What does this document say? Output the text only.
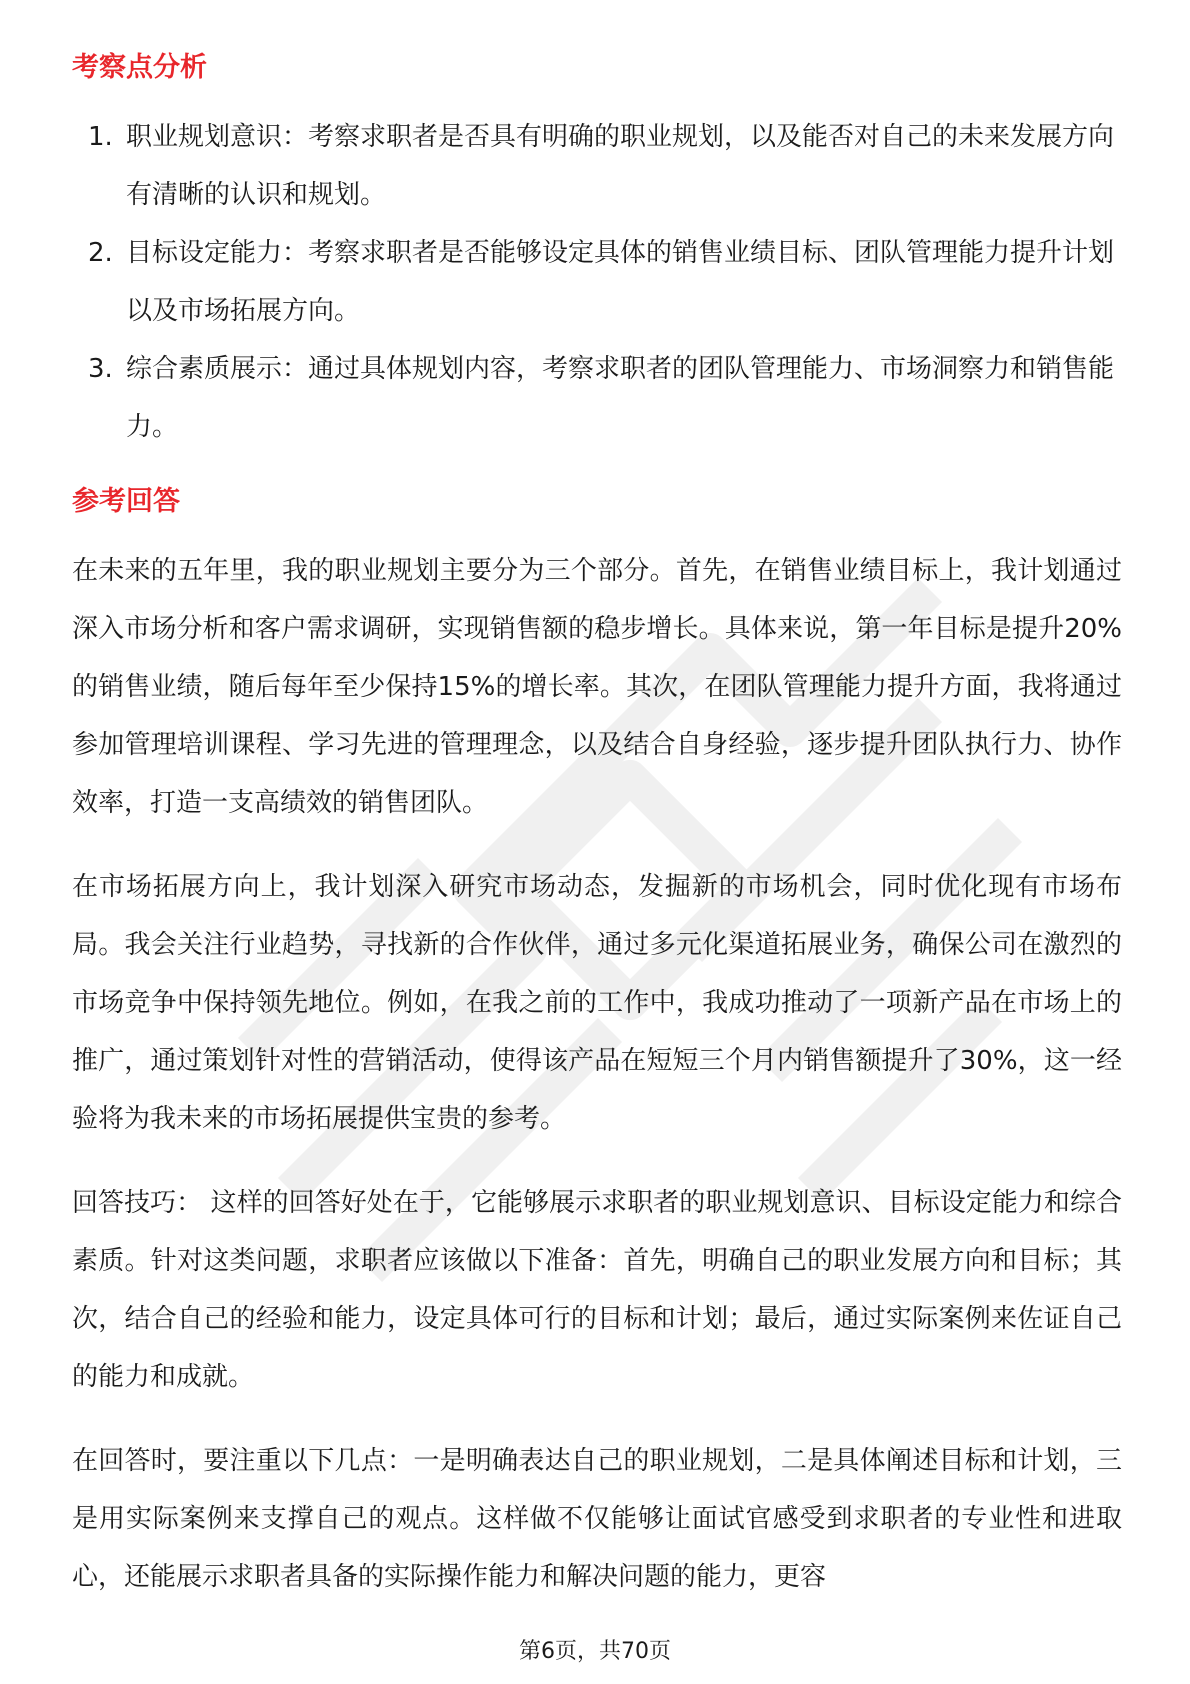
考察点分析
1. 职业规划意识：考察求职者是否具有明确的职业规划，以及能否对自己的未来发展方向有清晰的认识和规划。
2. 目标设定能力：考察求职者是否能够设定具体的销售业绩目标、团队管理能力提升计划以及市场拓展方向。
3. 综合素质展示：通过具体规划内容，考察求职者的团队管理能力、市场洞察力和销售能力。
参考回答

在未来的五年里，我的职业规划主要分为三个部分。首先，在销售业绩目标上，我计划通过深入市场分析和客户需求调研，实现销售额的稳步增长。具体来说，第一年目标是提升20%的销售业绩，随后每年至少保持15%的增长率。其次，在团队管理能力提升方面，我将通过参加管理培训课程、学习先进的管理理念，以及结合自身经验，逐步提升团队执行力、协作效率，打造一支高绩效的销售团队。

在市场拓展方向上，我计划深入研究市场动态，发掘新的市场机会，同时优化现有市场布局。我会关注行业趋势，寻找新的合作伙伴，通过多元化渠道拓展业务，确保公司在激烈的市场竞争中保持领先地位。例如，在我之前的工作中，我成功推动了一项新产品在市场上的推广，通过策划针对性的营销活动，使得该产品在短短三个月内销售额提升了30%，这一经验将为我未来的市场拓展提供宝贵的参考。

回答技巧： 这样的回答好处在于，它能够展示求职者的职业规划意识、目标设定能力和综合素质。针对这类问题，求职者应该做以下准备：首先，明确自己的职业发展方向和目标；其次，结合自己的经验和能力，设定具体可行的目标和计划；最后，通过实际案例来佐证自己的能力和成就。

在回答时，要注重以下几点：一是明确表达自己的职业规划，二是具体阐述目标和计划，三是用实际案例来支撑自己的观点。这样做不仅能够让面试官感受到求职者的专业性和进取心，还能展示求职者具备的实际操作能力和解决问题的能力，更容

第6页，共70页
